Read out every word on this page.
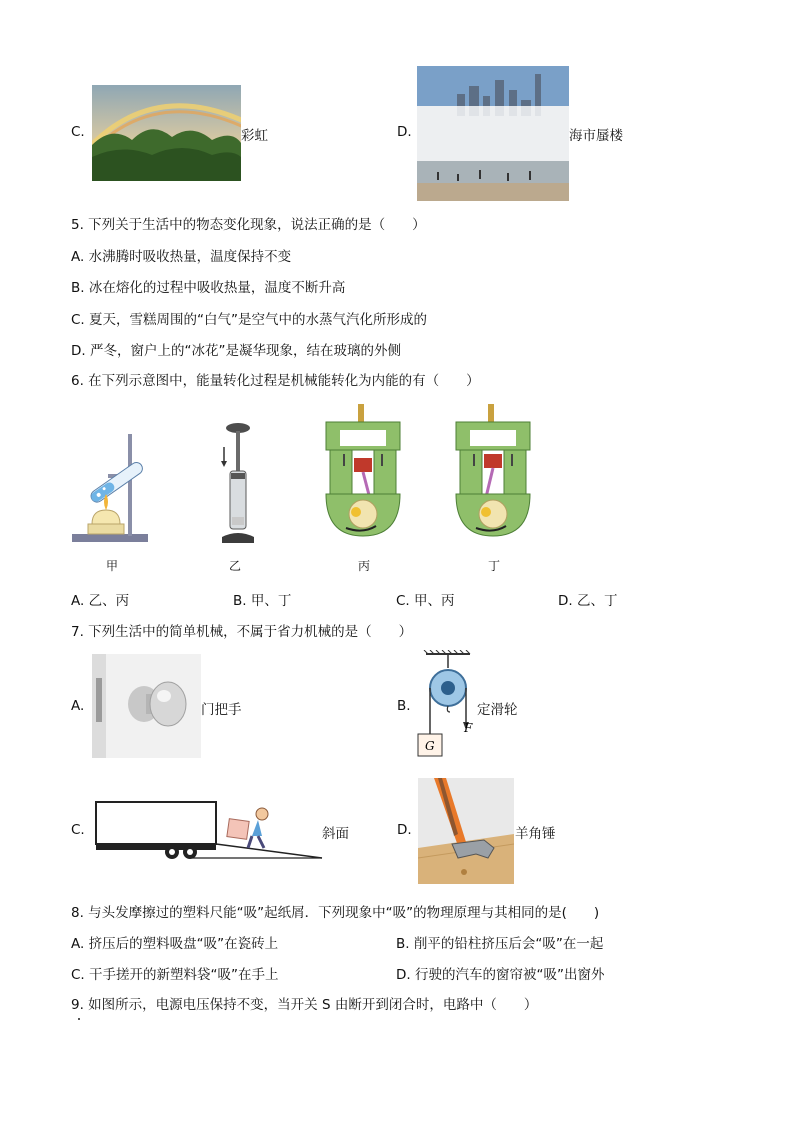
C.	彩虹	D.	海市蜃楼
5. 下列关于生活中的物态变化现象，说法正确的是（　　）
A. 水沸腾时吸收热量，温度保持不变
B. 冰在熔化的过程中吸收热量，温度不断升高
C. 夏天，雪糕周围的“白气”是空气中的水蒸气汽化所形成的
D. 严冬，窗户上的“冰花”是凝华现象，结在玻璃的外侧
6. 在下列示意图中，能量转化过程是机械能转化为内能的有（　　）
甲	乙	丙	丁
A. 乙、丙	B. 甲、丁	C. 甲、丙	D. 乙、丁
7. 下列生活中的简单机械，不属于省力机械的是（　　）
A.	门把手	B.
F
G
定滑轮
C.	斜面	D.	羊角锤
8. 与头发摩擦过的塑料尺能“吸”起纸屑．下列现象中“吸”的物理原理与其相同的是(　　)
A. 挤压后的塑料吸盘“吸”在瓷砖上	B. 削平的铅柱挤压后会“吸”在一起
C. 干手搓开的新塑料袋“吸”在手上	D. 行驶的汽车的窗帘被“吸”出窗外
9. 如图所示，电源电压保持不变，当开关 S 由断开到闭合时，电路中（　　）
